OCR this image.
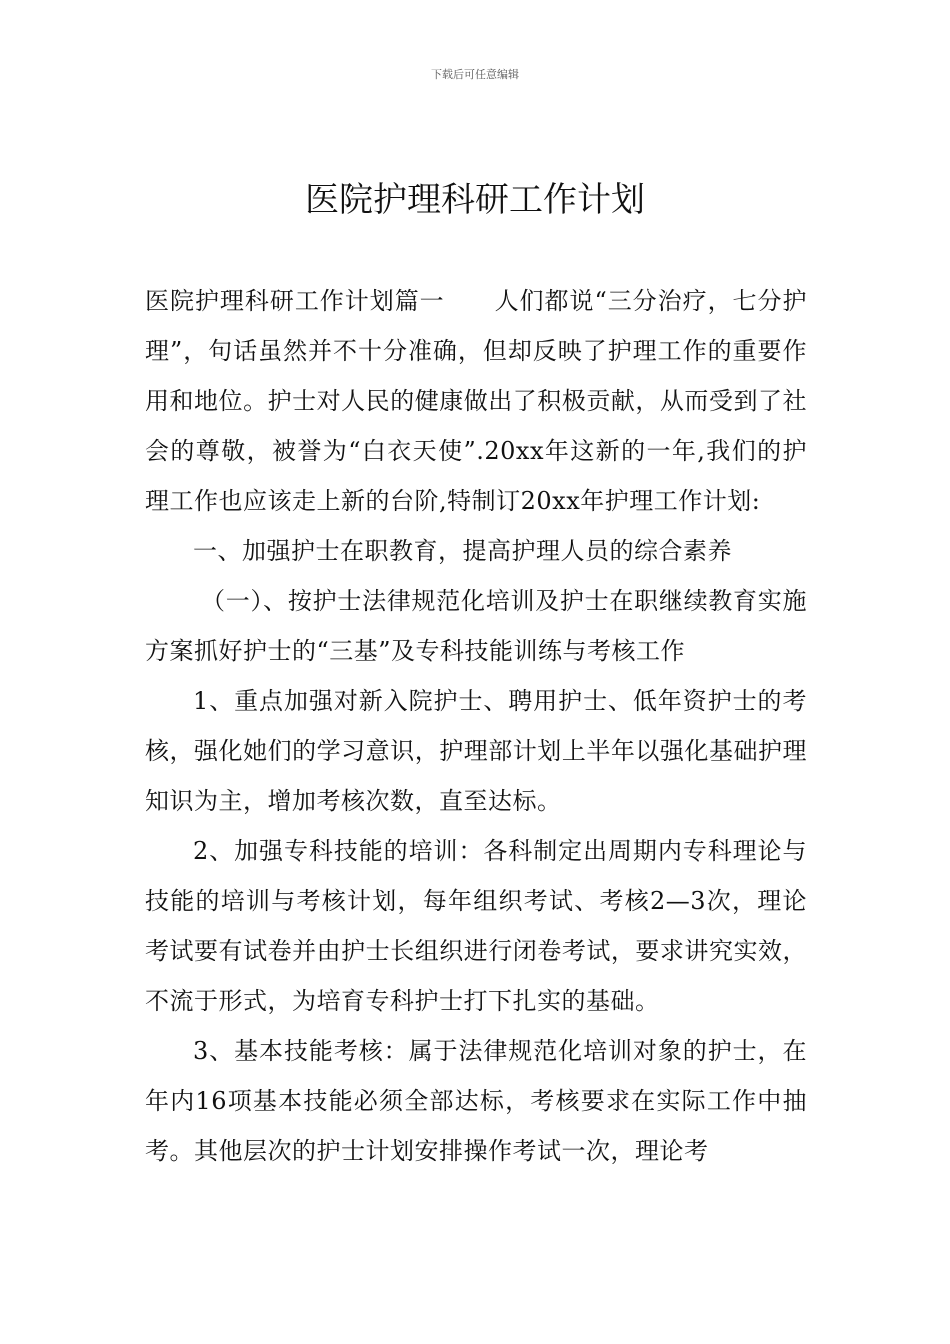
下载后可任意编辑
医院护理科研工作计划

医院护理科研工作计划篇一　　人们都说“三分治疗，七分护理”，句话虽然并不十分准确，但却反映了护理工作的重要作用和地位。护士对人民的健康做出了积极贡献，从而受到了社会的尊敬，被誉为“白衣天使”.20xx年这新的一年,我们的护理工作也应该走上新的台阶,特制订20xx年护理工作计划:

一、加强护士在职教育，提高护理人员的综合素养

（一）、按护士法律规范化培训及护士在职继续教育实施方案抓好护士的“三基”及专科技能训练与考核工作

1、重点加强对新入院护士、聘用护士、低年资护士的考核，强化她们的学习意识，护理部计划上半年以强化基础护理知识为主，增加考核次数，直至达标。

2、加强专科技能的培训：各科制定出周期内专科理论与技能的培训与考核计划，每年组织考试、考核2—3次，理论考试要有试卷并由护士长组织进行闭卷考试，要求讲究实效，不流于形式，为培育专科护士打下扎实的基础。

3、基本技能考核：属于法律规范化培训对象的护士，在年内16项基本技能必须全部达标，考核要求在实际工作中抽考。其他层次的护士计划安排操作考试一次，理论考
